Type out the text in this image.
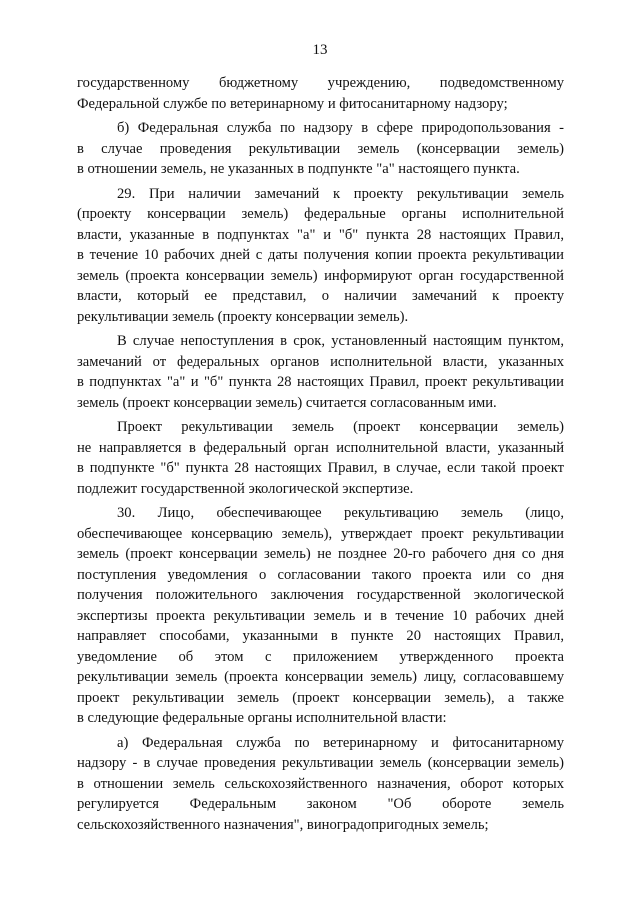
13

государственному бюджетному учреждению, подведомственному
Федеральной службе по ветеринарному и фитосанитарному надзору;

б) Федеральная служба по надзору в сфере природопользования -
в случае проведения рекультивации земель (консервации земель)
в отношении земель, не указанных в подпункте "а" настоящего пункта.

29. При наличии замечаний к проекту рекультивации земель
(проекту консервации земель) федеральные органы исполнительной
власти, указанные в подпунктах "а" и "б" пункта 28 настоящих Правил,
в течение 10 рабочих дней с даты получения копии проекта рекультивации
земель (проекта консервации земель) информируют орган государственной
власти, который ее представил, о наличии замечаний к проекту
рекультивации земель (проекту консервации земель).

В случае непоступления в срок, установленный настоящим пунктом,
замечаний от федеральных органов исполнительной власти, указанных
в подпунктах "а" и "б" пункта 28 настоящих Правил, проект рекультивации
земель (проект консервации земель) считается согласованным ими.

Проект рекультивации земель (проект консервации земель)
не направляется в федеральный орган исполнительной власти, указанный
в подпункте "б" пункта 28 настоящих Правил, в случае, если такой проект
подлежит государственной экологической экспертизе.

30. Лицо, обеспечивающее рекультивацию земель (лицо,
обеспечивающее консервацию земель), утверждает проект рекультивации
земель (проект консервации земель) не позднее 20-го рабочего дня со дня
поступления уведомления о согласовании такого проекта или со дня
получения положительного заключения государственной экологической
экспертизы проекта рекультивации земель и в течение 10 рабочих дней
направляет способами, указанными в пункте 20 настоящих Правил,
уведомление об этом с приложением утвержденного проекта
рекультивации земель (проекта консервации земель) лицу, согласовавшему
проект рекультивации земель (проект консервации земель), а также
в следующие федеральные органы исполнительной власти:

а) Федеральная служба по ветеринарному и фитосанитарному
надзору - в случае проведения рекультивации земель (консервации земель)
в отношении земель сельскохозяйственного назначения, оборот которых
регулируется Федеральным законом "Об обороте земель
сельскохозяйственного назначения", виноградопригодных земель;
